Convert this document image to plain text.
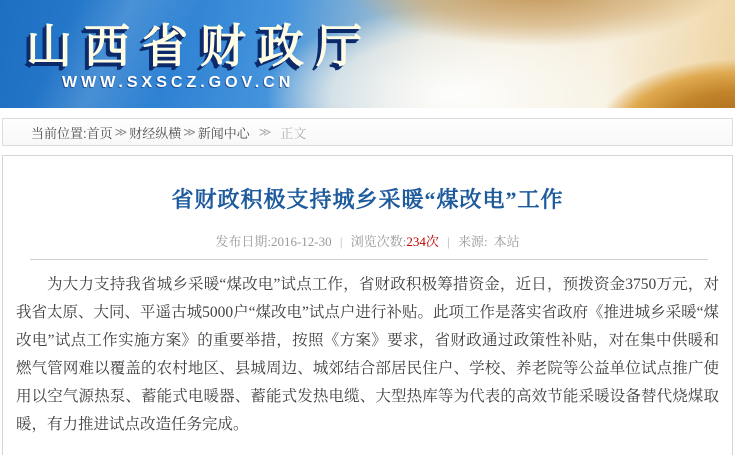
山西省财政厅
WWW.SXSCZ.GOV.CN
当前位置: 首页 ≫ 财经纵横 ≫ 新闻中心 ≫ 正文
省财政积极支持城乡采暖“煤改电”工作
发布日期:2016-12-30 | 浏览次数:234次 | 来源: 本站

为大力支持我省城乡采暖“煤改电”试点工作，省财政积极筹措资金，近日，预拨资金3750万元，对我省太原、大同、平遥古城5000户“煤改电”试点户进行补贴。此项工作是落实省政府《推进城乡采暖“煤改电”试点工作实施方案》的重要举措，按照《方案》要求，省财政通过政策性补贴，对在集中供暖和燃气管网难以覆盖的农村地区、县城周边、城郊结合部居民住户、学校、养老院等公益单位试点推广使用以空气源热泵、蓄能式电暖器、蓄能式发热电缆、大型热库等为代表的高效节能采暖设备替代烧煤取暖，有力推进试点改造任务完成。
